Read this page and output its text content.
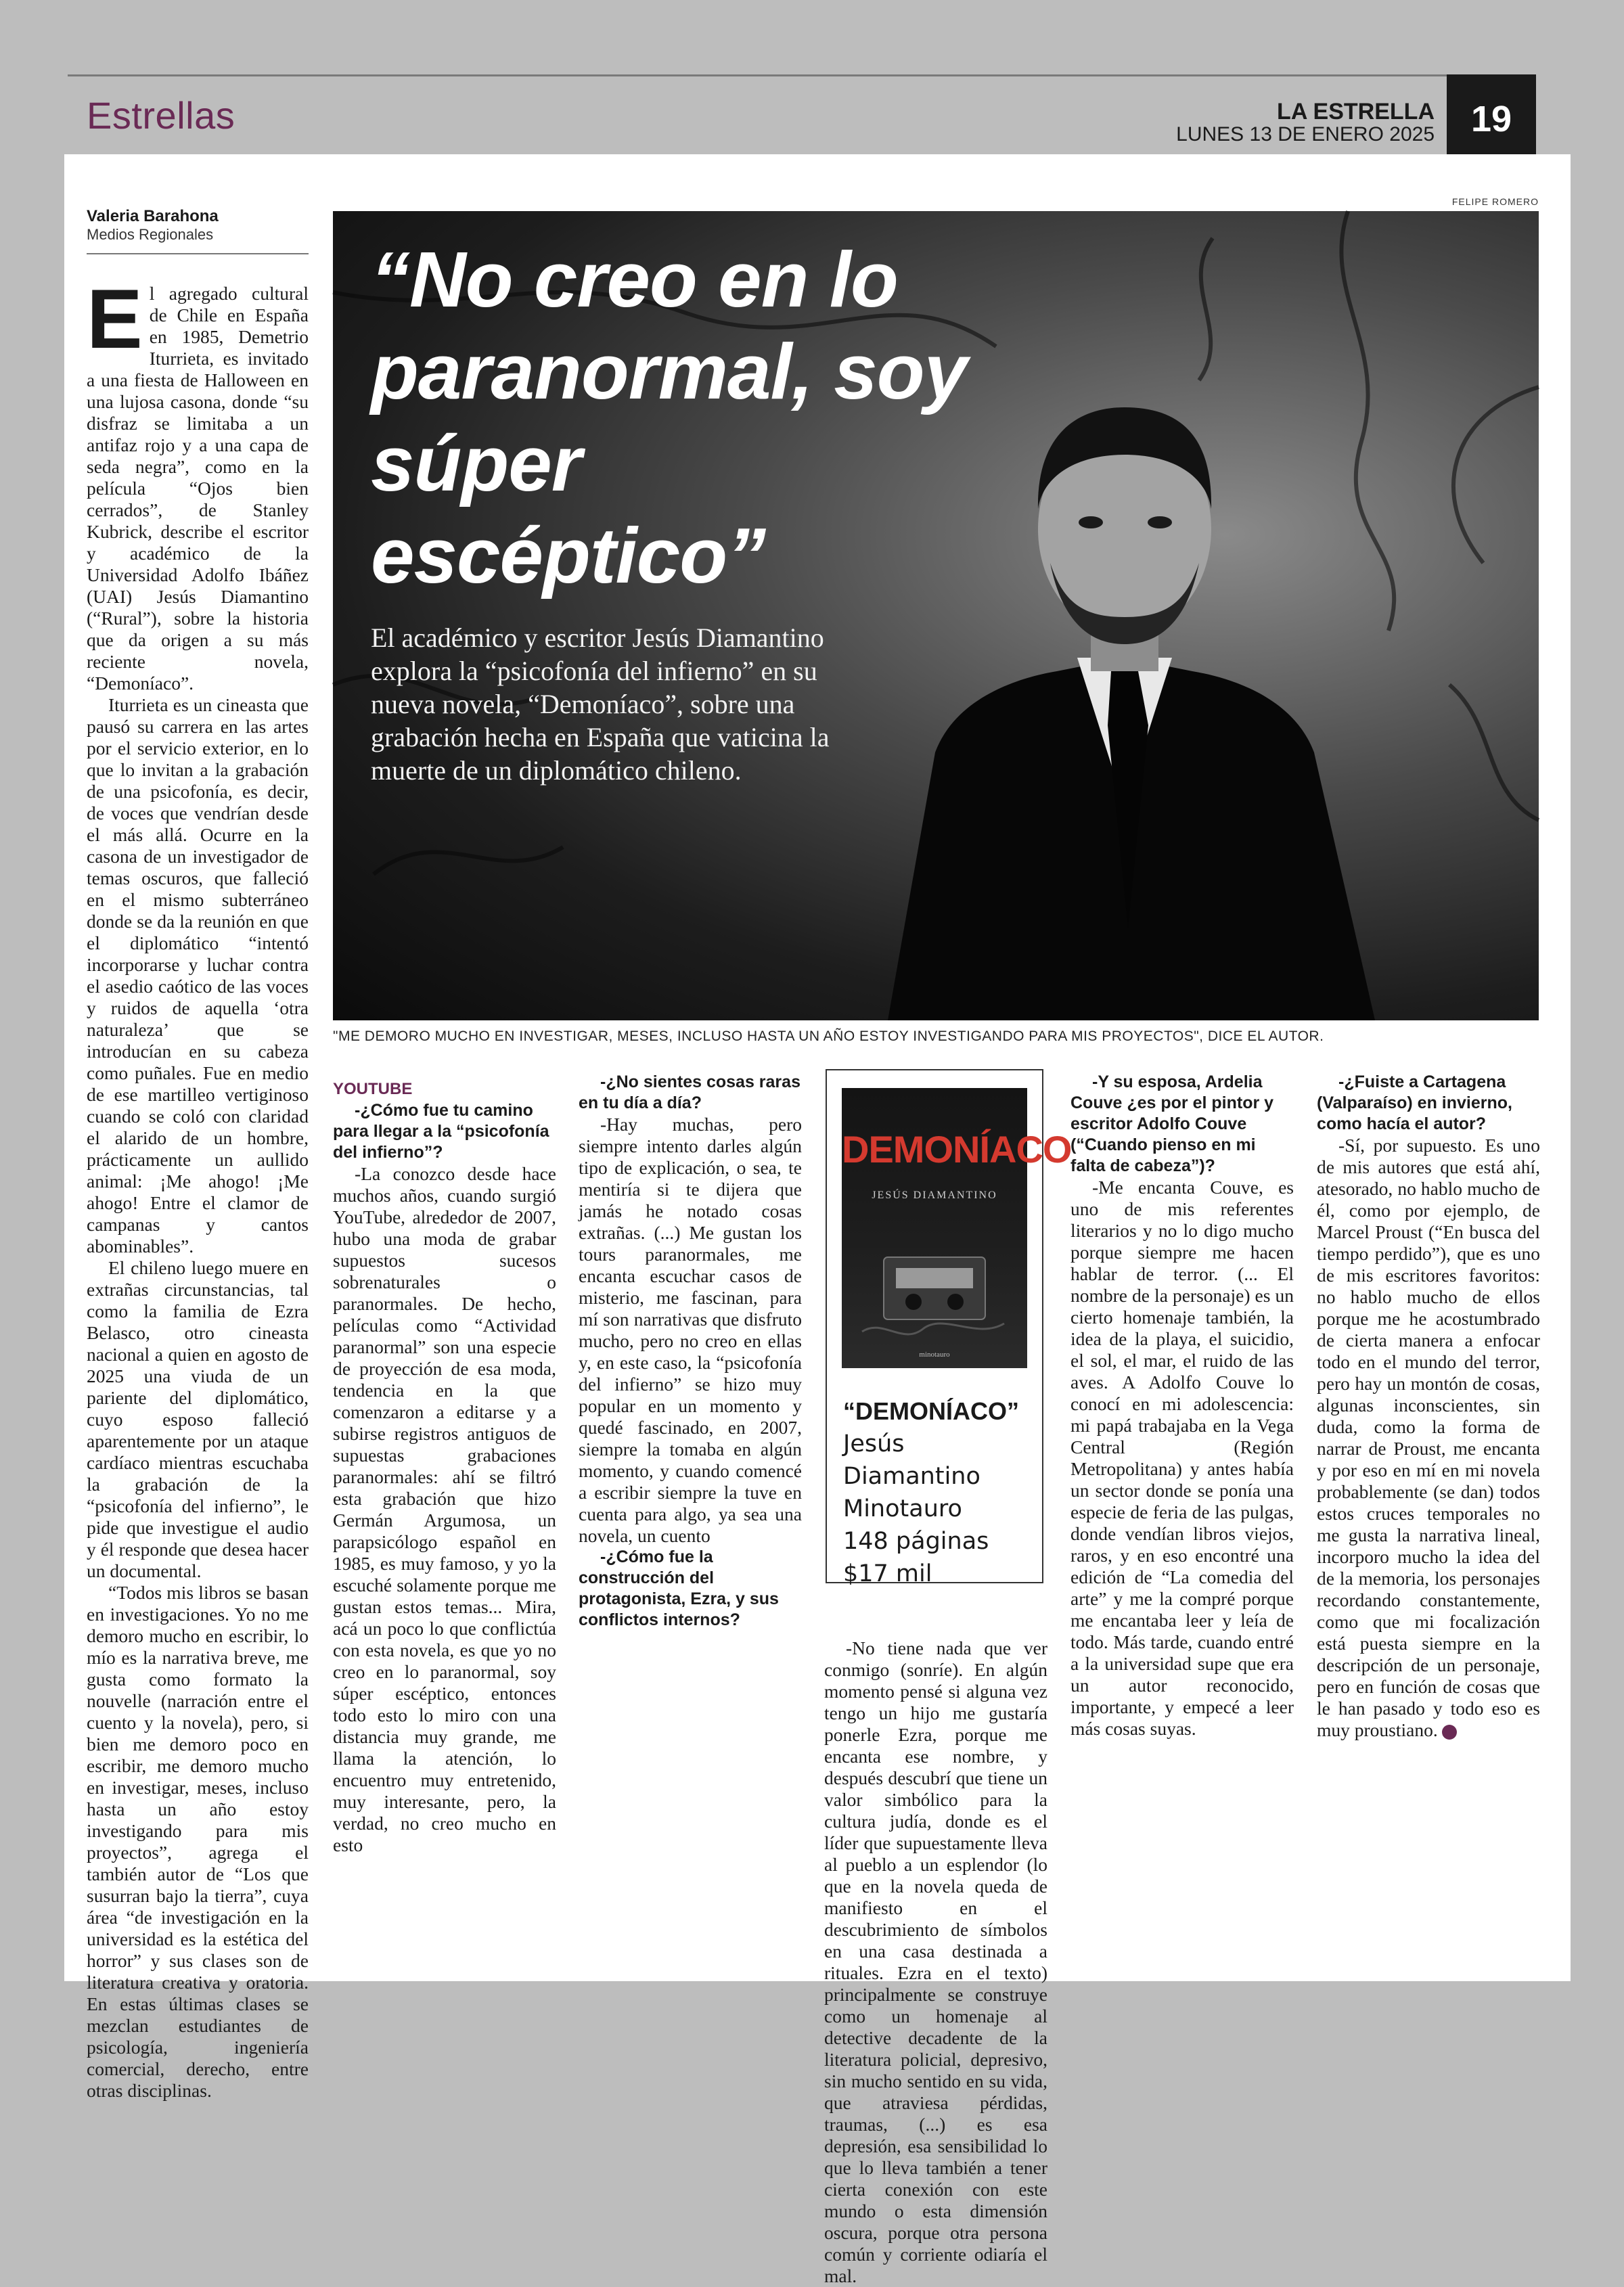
Estrellas	LA ESTRELLA
LUNES 13 DE ENERO 2025 19
Valeria Barahona
Medios Regionales
FELIPE ROMERO
“No creo en lo paranormal, soy súper escéptico”
El académico y escritor Jesús Diamantino explora la “psicofonía del infierno” en su nueva novela, “Demoníaco”, sobre una grabación hecha en España que vaticina la muerte de un diplomático chileno.
"ME DEMORO MUCHO EN INVESTIGAR, MESES, INCLUSO HASTA UN AÑO ESTOY INVESTIGANDO PARA MIS PROYECTOS", DICE EL AUTOR.

El agregado cultural de Chile en España en 1985, Demetrio Iturrieta, es invitado a una fiesta de Halloween en una lujosa casona, donde “su disfraz se limitaba a un antifaz rojo y a una capa de seda negra”, como en la película “Ojos bien cerrados”, de Stanley Kubrick, describe el escritor y académico de la Universidad Adolfo Ibáñez (UAI) Jesús Diamantino (“Rural”), sobre la historia que da origen a su más reciente novela, “Demoníaco”.

Iturrieta es un cineasta que pausó su carrera en las artes por el servicio exterior, en lo que lo invitan a la grabación de una psicofonía, es decir, de voces que vendrían desde el más allá. Ocurre en la casona de un investigador de temas oscuros, que falleció en el mismo subterráneo donde se da la reunión en que el diplomático “intentó incorporarse y luchar contra el asedio caótico de las voces y ruidos de aquella ‘otra naturaleza’ que se introducían en su cabeza como puñales. Fue en medio de ese martilleo vertiginoso cuando se coló con claridad el alarido de un hombre, prácticamente un aullido animal: ¡Me ahogo! ¡Me ahogo! Entre el clamor de campanas y cantos abominables”.

El chileno luego muere en extrañas circunstancias, tal como la familia de Ezra Belasco, otro cineasta nacional a quien en agosto de 2025 una viuda de un pariente del diplomático, cuyo esposo falleció aparentemente por un ataque cardíaco mientras escuchaba la grabación de la “psicofonía del infierno”, le pide que investigue el audio y él responde que desea hacer un documental.

“Todos mis libros se basan en investigaciones. Yo no me demoro mucho en escribir, lo mío es la narrativa breve, me gusta como formato la nouvelle (narración entre el cuento y la novela), pero, si bien me demoro poco en escribir, me demoro mucho en investigar, meses, incluso hasta un año estoy investigando para mis proyectos”, agrega el también autor de “Los que susurran bajo la tierra”, cuya área “de investigación en la universidad es la estética del horror” y sus clases son de literatura creativa y oratoria. En estas últimas clases se mezclan estudiantes de psicología, ingeniería comercial, derecho, entre otras disciplinas.

YOUTUBE

-¿Cómo fue tu camino para llegar a la “psicofonía del infierno”?

-La conozco desde hace muchos años, cuando surgió YouTube, alrededor de 2007, hubo una moda de grabar supuestos sucesos sobrenaturales o paranormales. De hecho, películas como “Actividad paranormal” son una especie de proyección de esa moda, tendencia en la que comenzaron a editarse y a subirse registros antiguos de supuestas grabaciones paranormales: ahí se filtró esta grabación que hizo Germán Argumosa, un parapsicólogo español en 1985, es muy famoso, y yo la escuché solamente porque me gustan estos temas... Mira, acá un poco lo que conflictúa con esta novela, es que yo no creo en lo paranormal, soy súper escéptico, entonces todo esto lo miro con una distancia muy grande, me llama la atención, lo encuentro muy entretenido, muy interesante, pero, la verdad, no creo mucho en esto

-¿No sientes cosas raras en tu día a día?

-Hay muchas, pero siempre intento darles algún tipo de explicación, o sea, te mentiría si te dijera que jamás he notado cosas extrañas. (...) Me gustan los tours paranormales, me encanta escuchar casos de misterio, me fascinan, para mí son narrativas que disfruto mucho, pero no creo en ellas y, en este caso, la “psicofonía del infierno” se hizo muy popular en un momento y quedé fascinado, en 2007, siempre la tomaba en algún momento, y cuando comencé a escribir siempre la tuve en cuenta para algo, ya sea una novela, un cuento

-¿Cómo fue la construcción del protagonista, Ezra, y sus conflictos internos?

DEMONÍACO
JESÚS DIAMANTINO
minotauro
“DEMONÍACO”
Jesús Diamantino
Minotauro
148 páginas
$17 mil

-No tiene nada que ver conmigo (sonríe). En algún momento pensé si alguna vez tengo un hijo me gustaría ponerle Ezra, porque me encanta ese nombre, y después descubrí que tiene un valor simbólico para la cultura judía, donde es el líder que supuestamente lleva al pueblo a un esplendor (lo que en la novela queda de manifiesto en el descubrimiento de símbolos en una casa destinada a rituales. Ezra en el texto) principalmente se construye como un homenaje al detective decadente de la literatura policial, depresivo, sin mucho sentido en su vida, que atraviesa pérdidas, traumas, (...) es esa depresión, esa sensibilidad lo que lo lleva también a tener cierta conexión con este mundo o esta dimensión oscura, porque otra persona común y corriente odiaría el mal.

-Y su esposa, Ardelia Couve ¿es por el pintor y escritor Adolfo Couve (“Cuando pienso en mi falta de cabeza”)?

-Me encanta Couve, es uno de mis referentes literarios y no lo digo mucho porque siempre me hacen hablar de terror. (... El nombre de la personaje) es un cierto homenaje también, la idea de la playa, el suicidio, el sol, el mar, el ruido de las aves. A Adolfo Couve lo conocí en mi adolescencia: mi papá trabajaba en la Vega Central (Región Metropolitana) y antes había un sector donde se ponía una especie de feria de las pulgas, donde vendían libros viejos, raros, y en eso encontré una edición de “La comedia del arte” y me la compré porque me encantaba leer y leía de todo. Más tarde, cuando entré a la universidad supe que era un autor reconocido, importante, y empecé a leer más cosas suyas.

-¿Fuiste a Cartagena (Valparaíso) en invierno, como hacía el autor?

-Sí, por supuesto. Es uno de mis autores que está ahí, atesorado, no hablo mucho de él, como por ejemplo, de Marcel Proust (“En busca del tiempo perdido”), que es uno de mis escritores favoritos: no hablo mucho de ellos porque me he acostumbrado de cierta manera a enfocar todo en el mundo del terror, pero hay un montón de cosas, algunas inconscientes, sin duda, como la forma de narrar de Proust, me encanta y por eso en mí en mi novela probablemente (se dan) todos estos cruces temporales no me gusta la narrativa lineal, incorporo mucho la idea del de la memoria, los personajes recordando constantemente, como que mi focalización está puesta siempre en la descripción de un personaje, pero en función de cosas que le han pasado y todo eso es muy proustiano.
